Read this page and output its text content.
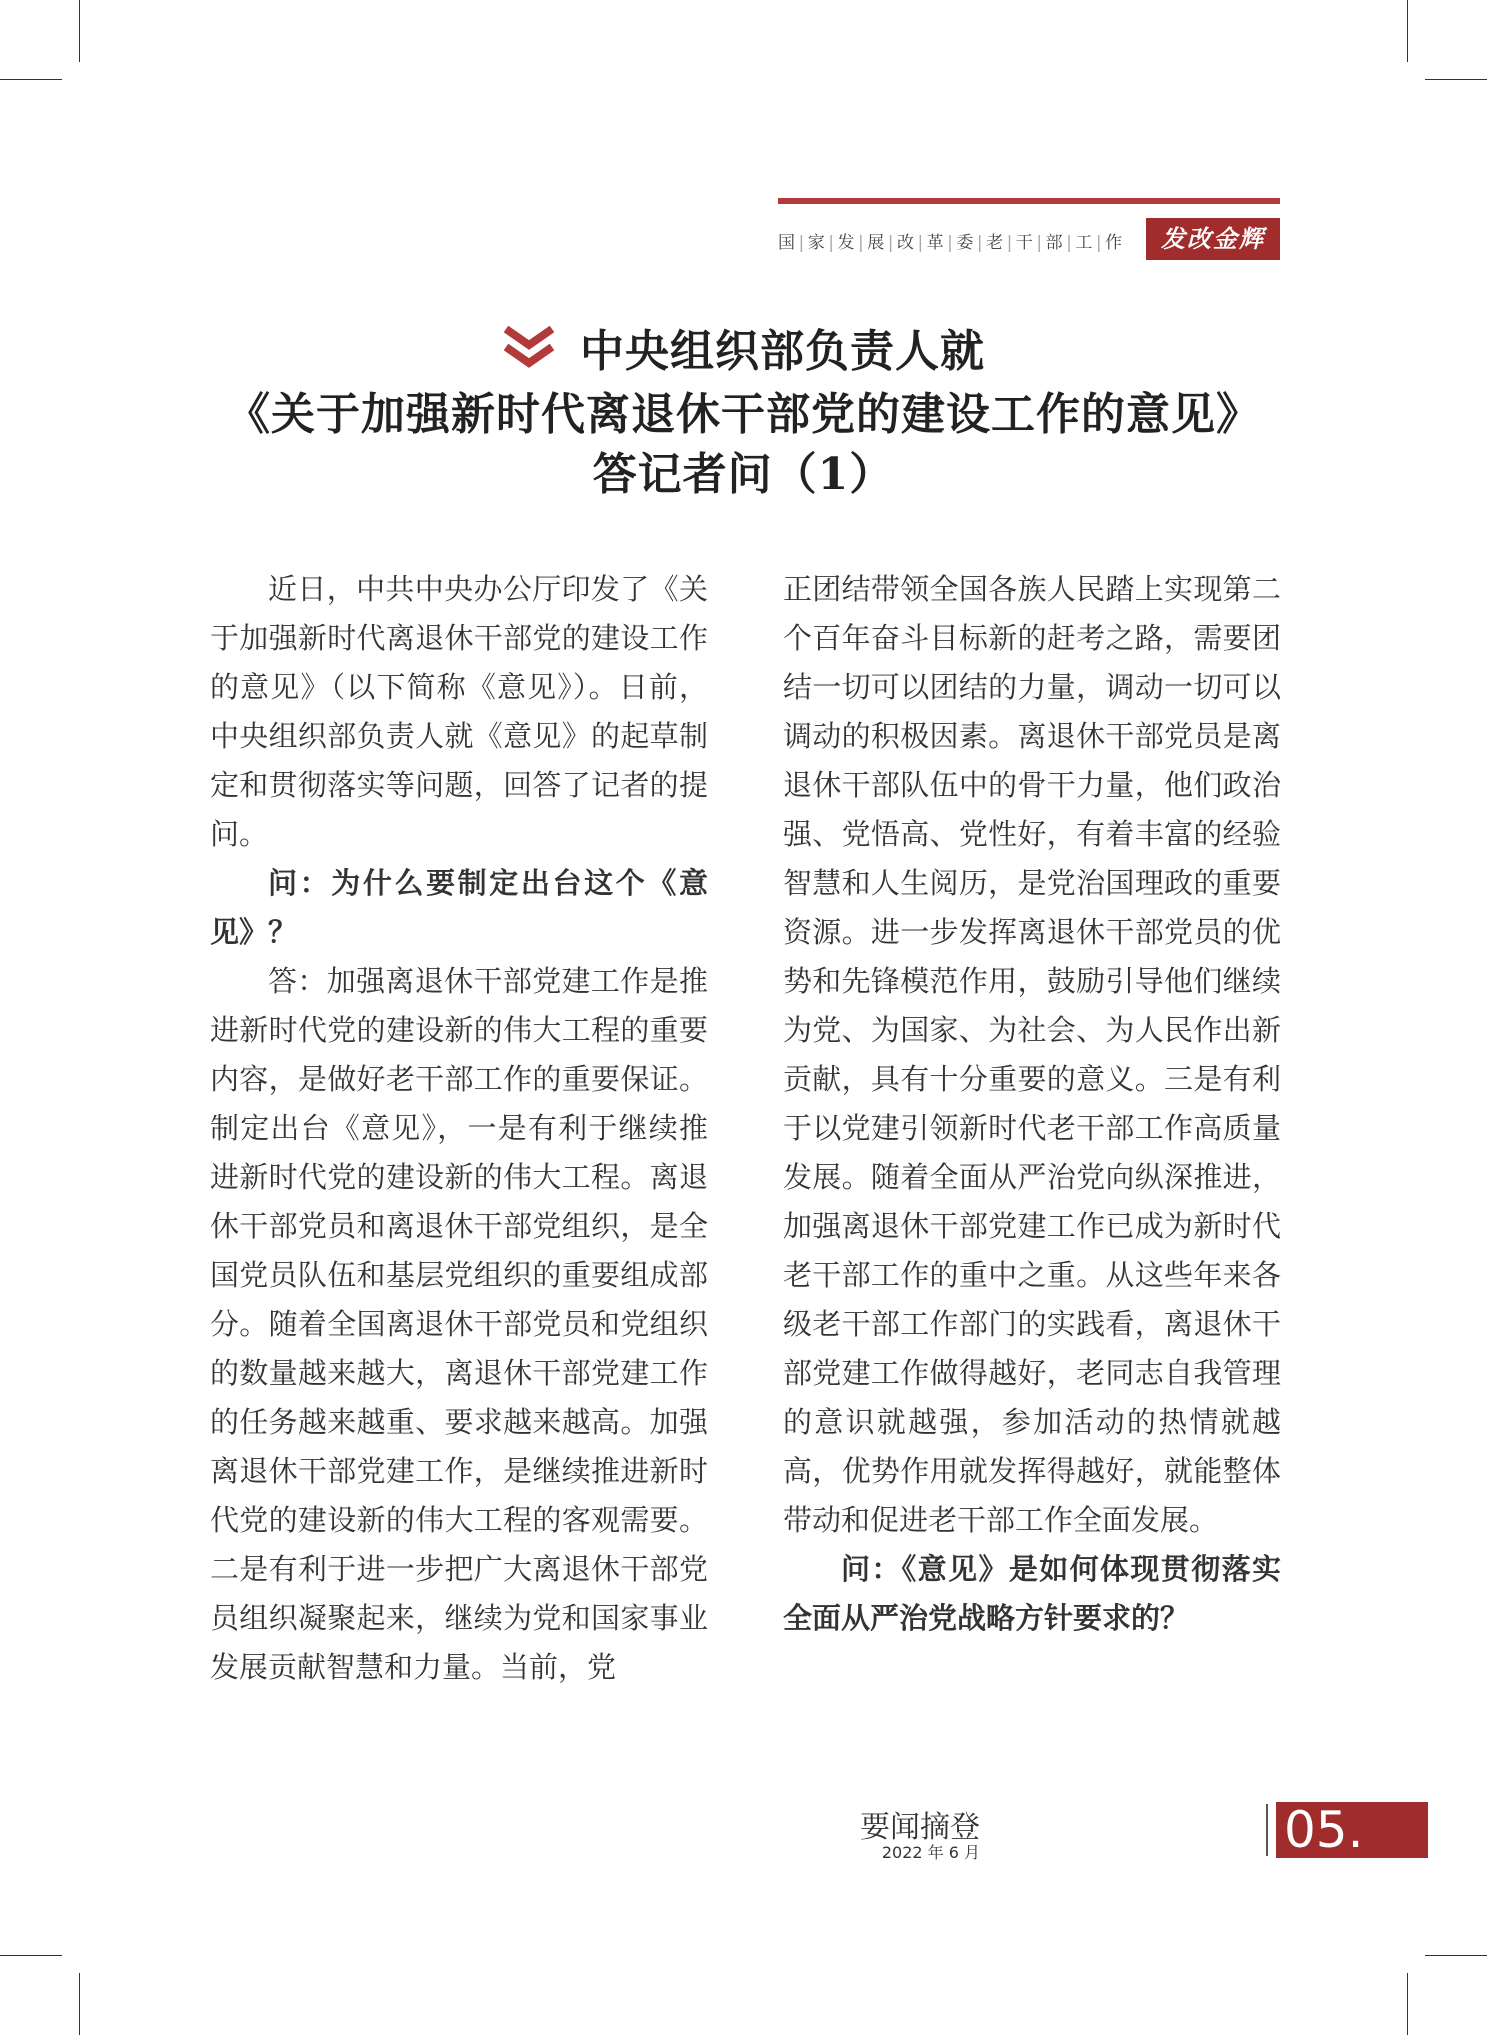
国 | 家 | 发 | 展 | 改 | 革 | 委 | 老 | 干 | 部 | 工 | 作	发改金辉
中央组织部负责人就
《关于加强新时代离退休干部党的建设工作的意见》
答记者问（1）

近日，中共中央办公厅印发了《关于加强新时代离退休干部党的建设工作的意见》（以下简称《意见》）。日前，中央组织部负责人就《意见》的起草制定和贯彻落实等问题，回答了记者的提问。

问：为什么要制定出台这个《意见》？

答：加强离退休干部党建工作是推进新时代党的建设新的伟大工程的重要内容，是做好老干部工作的重要保证。制定出台《意见》，一是有利于继续推进新时代党的建设新的伟大工程。离退休干部党员和离退休干部党组织，是全国党员队伍和基层党组织的重要组成部分。随着全国离退休干部党员和党组织的数量越来越大，离退休干部党建工作的任务越来越重、要求越来越高。加强离退休干部党建工作，是继续推进新时代党的建设新的伟大工程的客观需要。二是有利于进一步把广大离退休干部党员组织凝聚起来，继续为党和国家事业发展贡献智慧和力量。当前，党

正团结带领全国各族人民踏上实现第二个百年奋斗目标新的赶考之路，需要团结一切可以团结的力量，调动一切可以调动的积极因素。离退休干部党员是离退休干部队伍中的骨干力量，他们政治强、党悟高、党性好，有着丰富的经验智慧和人生阅历，是党治国理政的重要资源。进一步发挥离退休干部党员的优势和先锋模范作用，鼓励引导他们继续为党、为国家、为社会、为人民作出新贡献，具有十分重要的意义。三是有利于以党建引领新时代老干部工作高质量发展。随着全面从严治党向纵深推进，加强离退休干部党建工作已成为新时代老干部工作的重中之重。从这些年来各级老干部工作部门的实践看，离退休干部党建工作做得越好，老同志自我管理的意识就越强，参加活动的热情就越高，优势作用就发挥得越好，就能整体带动和促进老干部工作全面发展。

问：《意见》是如何体现贯彻落实全面从严治党战略方针要求的？

要闻摘登
2022 年 6 月	05.
